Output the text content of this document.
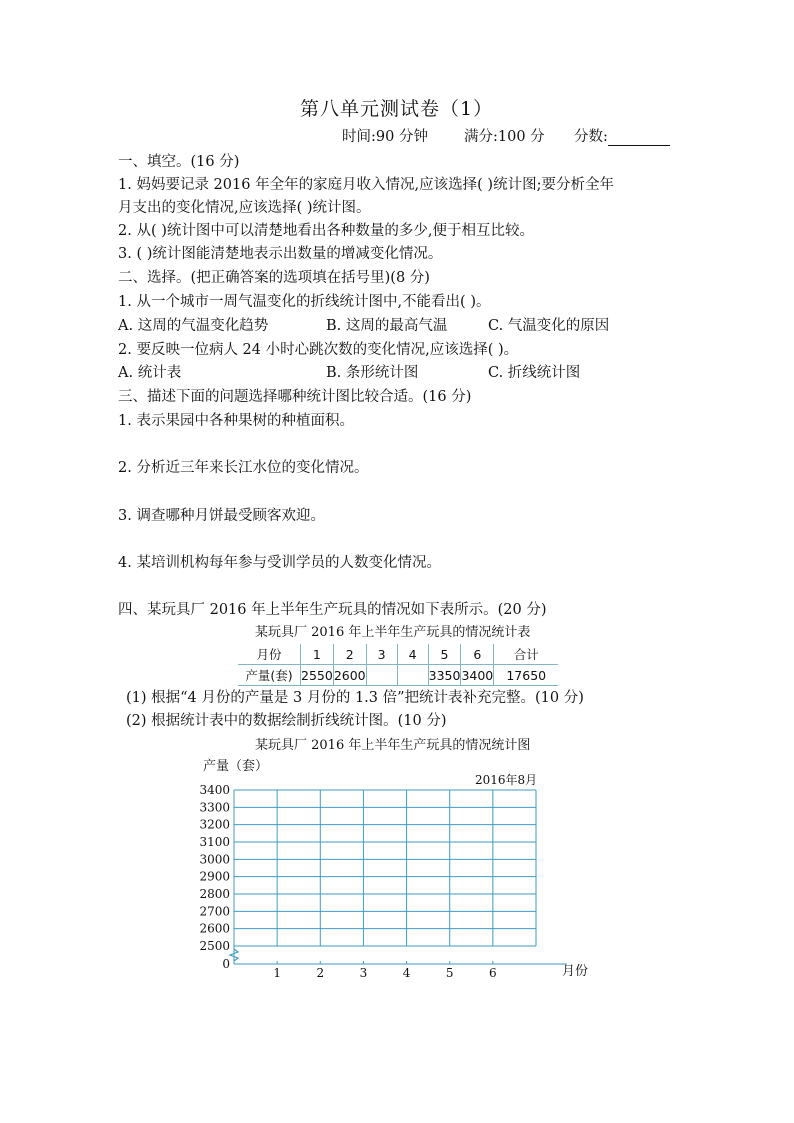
第八单元测试卷（1）
时间:90 分钟 满分:100 分 分数:
一、填空。(16 分)
1. 妈妈要记录 2016 年全年的家庭月收入情况,应该选择( )统计图;要分析全年
月支出的变化情况,应该选择( )统计图。
2. 从( )统计图中可以清楚地看出各种数量的多少,便于相互比较。
3. ( )统计图能清楚地表示出数量的增减变化情况。
二、选择。(把正确答案的选项填在括号里)(8 分)
1. 从一个城市一周气温变化的折线统计图中,不能看出( )。
A. 这周的气温变化趋势	B. 这周的最高气温	C. 气温变化的原因
2. 要反映一位病人 24 小时心跳次数的变化情况,应该选择( )。
A. 统计表	B. 条形统计图	C. 折线统计图
三、描述下面的问题选择哪种统计图比较合适。(16 分)
1. 表示果园中各种果树的种植面积。
2. 分析近三年来长江水位的变化情况。
3. 调查哪种月饼最受顾客欢迎。
4. 某培训机构每年参与受训学员的人数变化情况。
四、某玩具厂 2016 年上半年生产玩具的情况如下表所示。(20 分)
某玩具厂 2016 年上半年生产玩具的情况统计表
月份	1	2	3	4	5	6	合计
产量(套)	2550	2600			3350	3400	17650
(1) 根据“4 月份的产量是 3 月份的 1.3 倍”把统计表补充完整。(10 分)
(2) 根据统计表中的数据绘制折线统计图。(10 分)
某玩具厂 2016 年上半年生产玩具的情况统计图
2500
2600
2700
2800
2900
3000
3100
3200
3300
3400
0
1	2	3	4	5	6
产量（套）
月份
2016年8月
